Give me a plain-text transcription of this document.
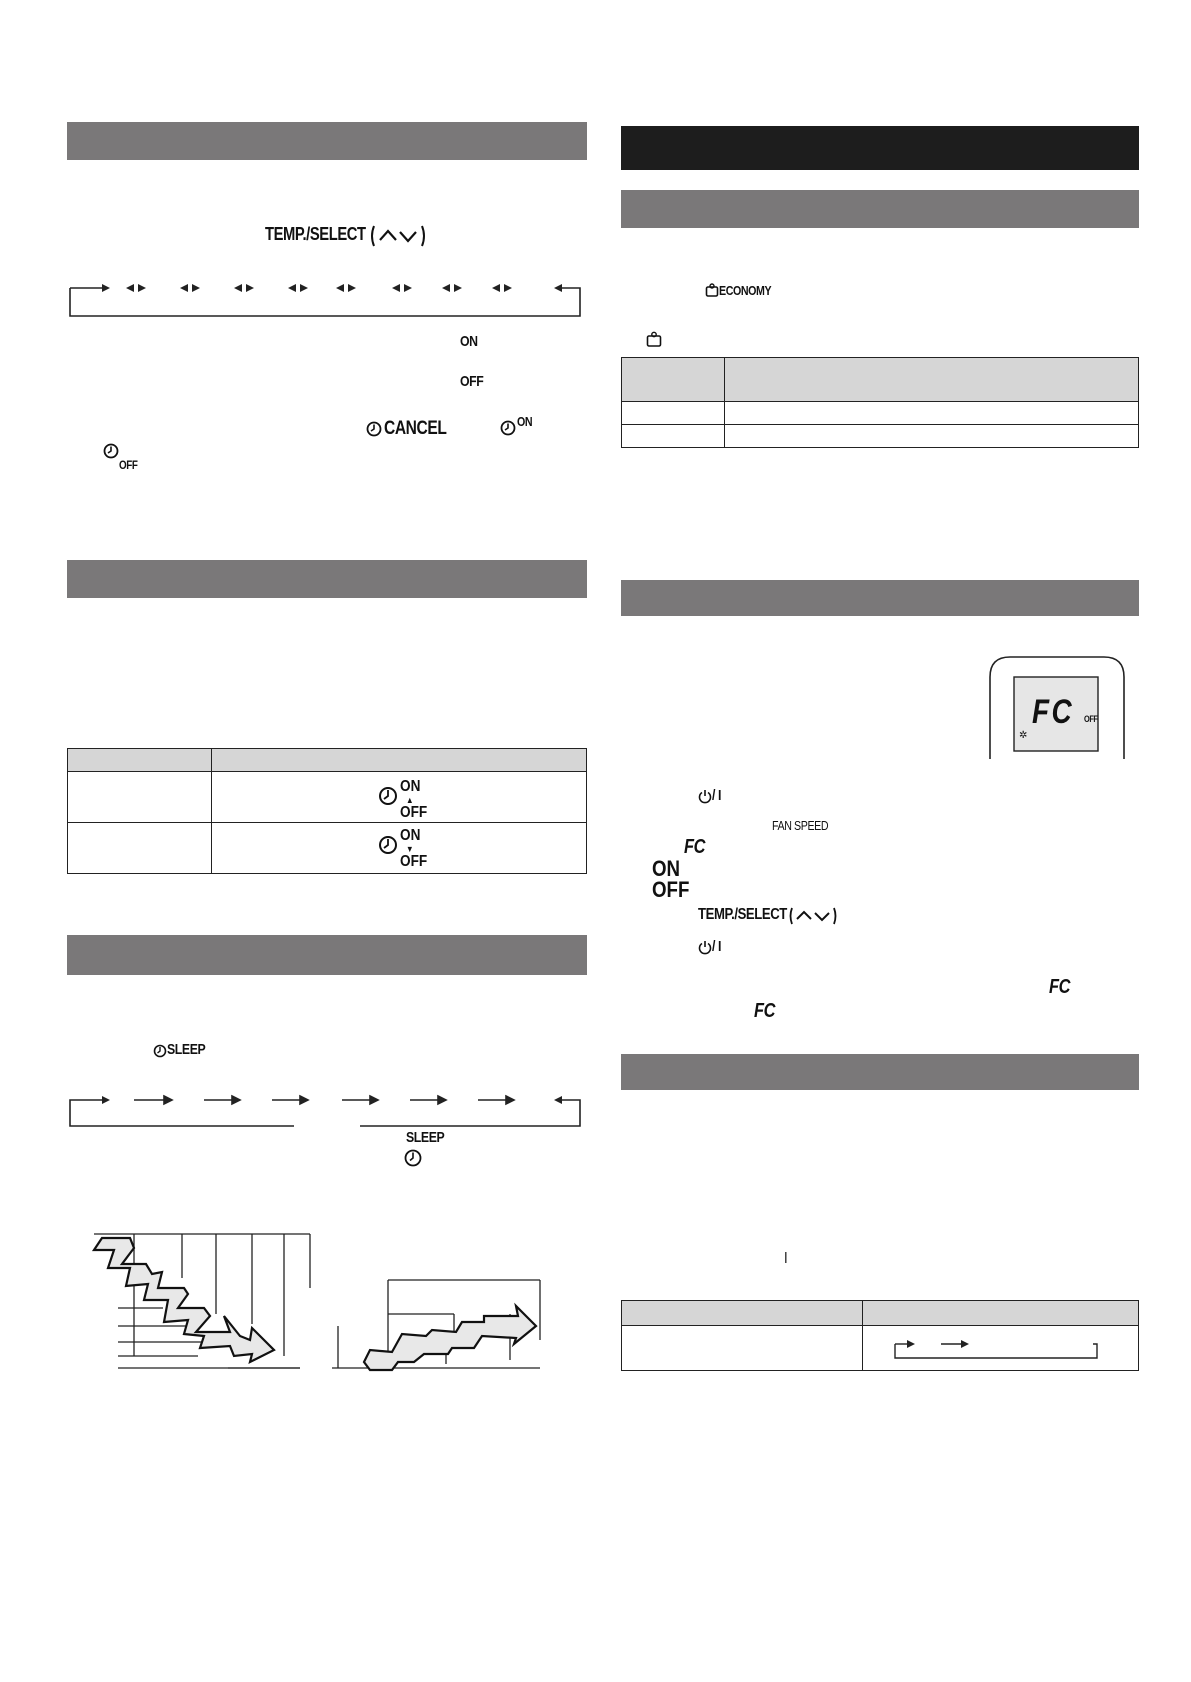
TEMP./SELECT
ON
OFF
CANCEL	ON
OFF

	ON
▲
OFF

	ON
▼
OFF
SLEEP
SLEEP
ECONOMY

FC OFF
✲
/ I
FAN SPEED
FC
ON
OFF
TEMP./SELECT
/ I
FC
FC
I
